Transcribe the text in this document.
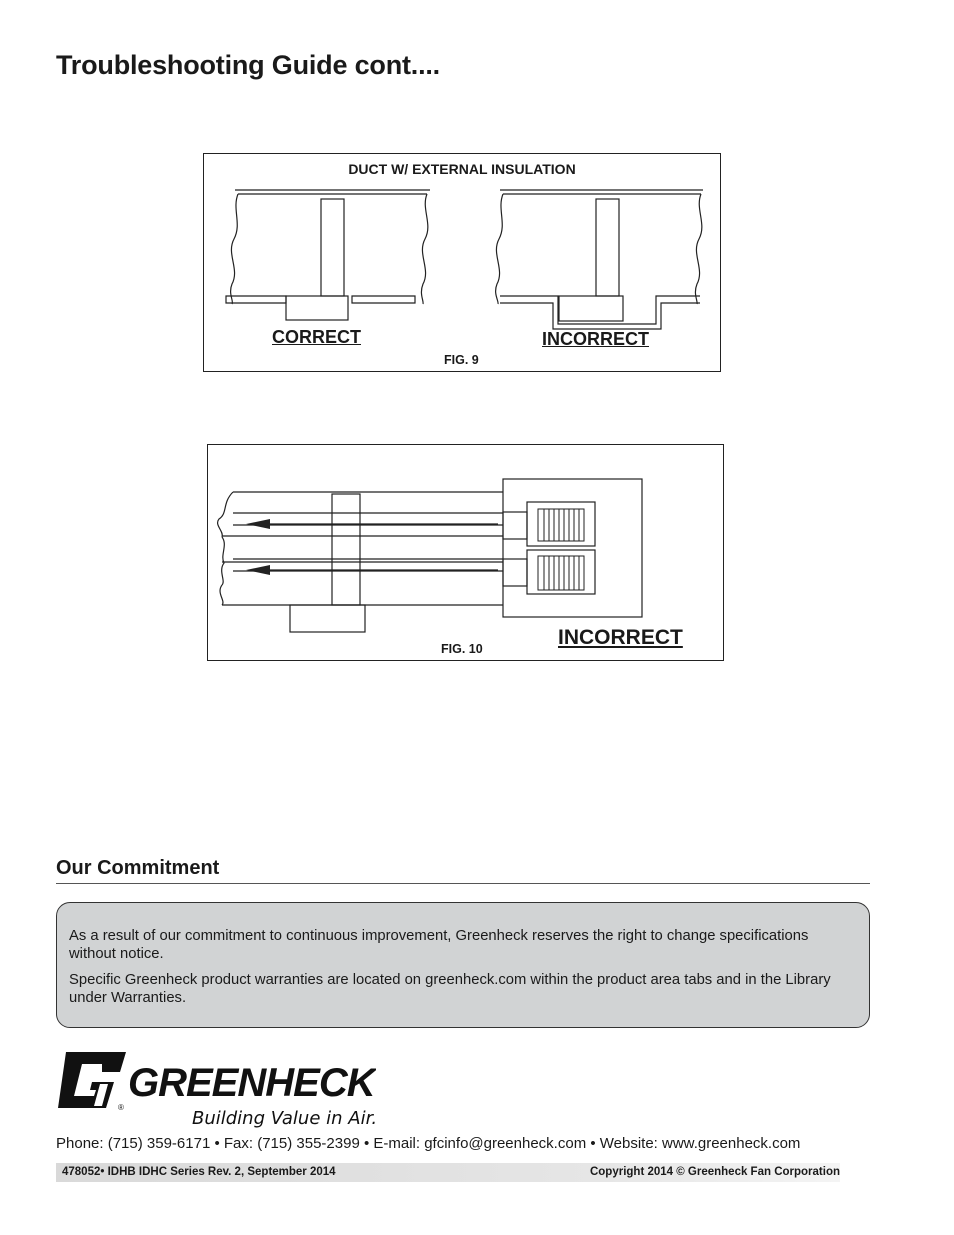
Troubleshooting Guide cont....
DUCT W/ EXTERNAL INSULATION
CORRECT	INCORRECT
FIG. 9
FIG. 10	INCORRECT
Our Commitment

As a result of our commitment to continuous improvement, Greenheck reserves the right to change specifications without notice.

Specific Greenheck product warranties are located on greenheck.com within the product area tabs and in the Library under Warranties.

GREENHECK
®
Building Value in Air.
Phone: (715) 359-6171 • Fax: (715) 355-2399 • E-mail: gfcinfo@greenheck.com • Website: www.greenheck.com
478052• IDHB IDHC Series Rev. 2, September 2014	Copyright 2014 © Greenheck Fan Corporation
